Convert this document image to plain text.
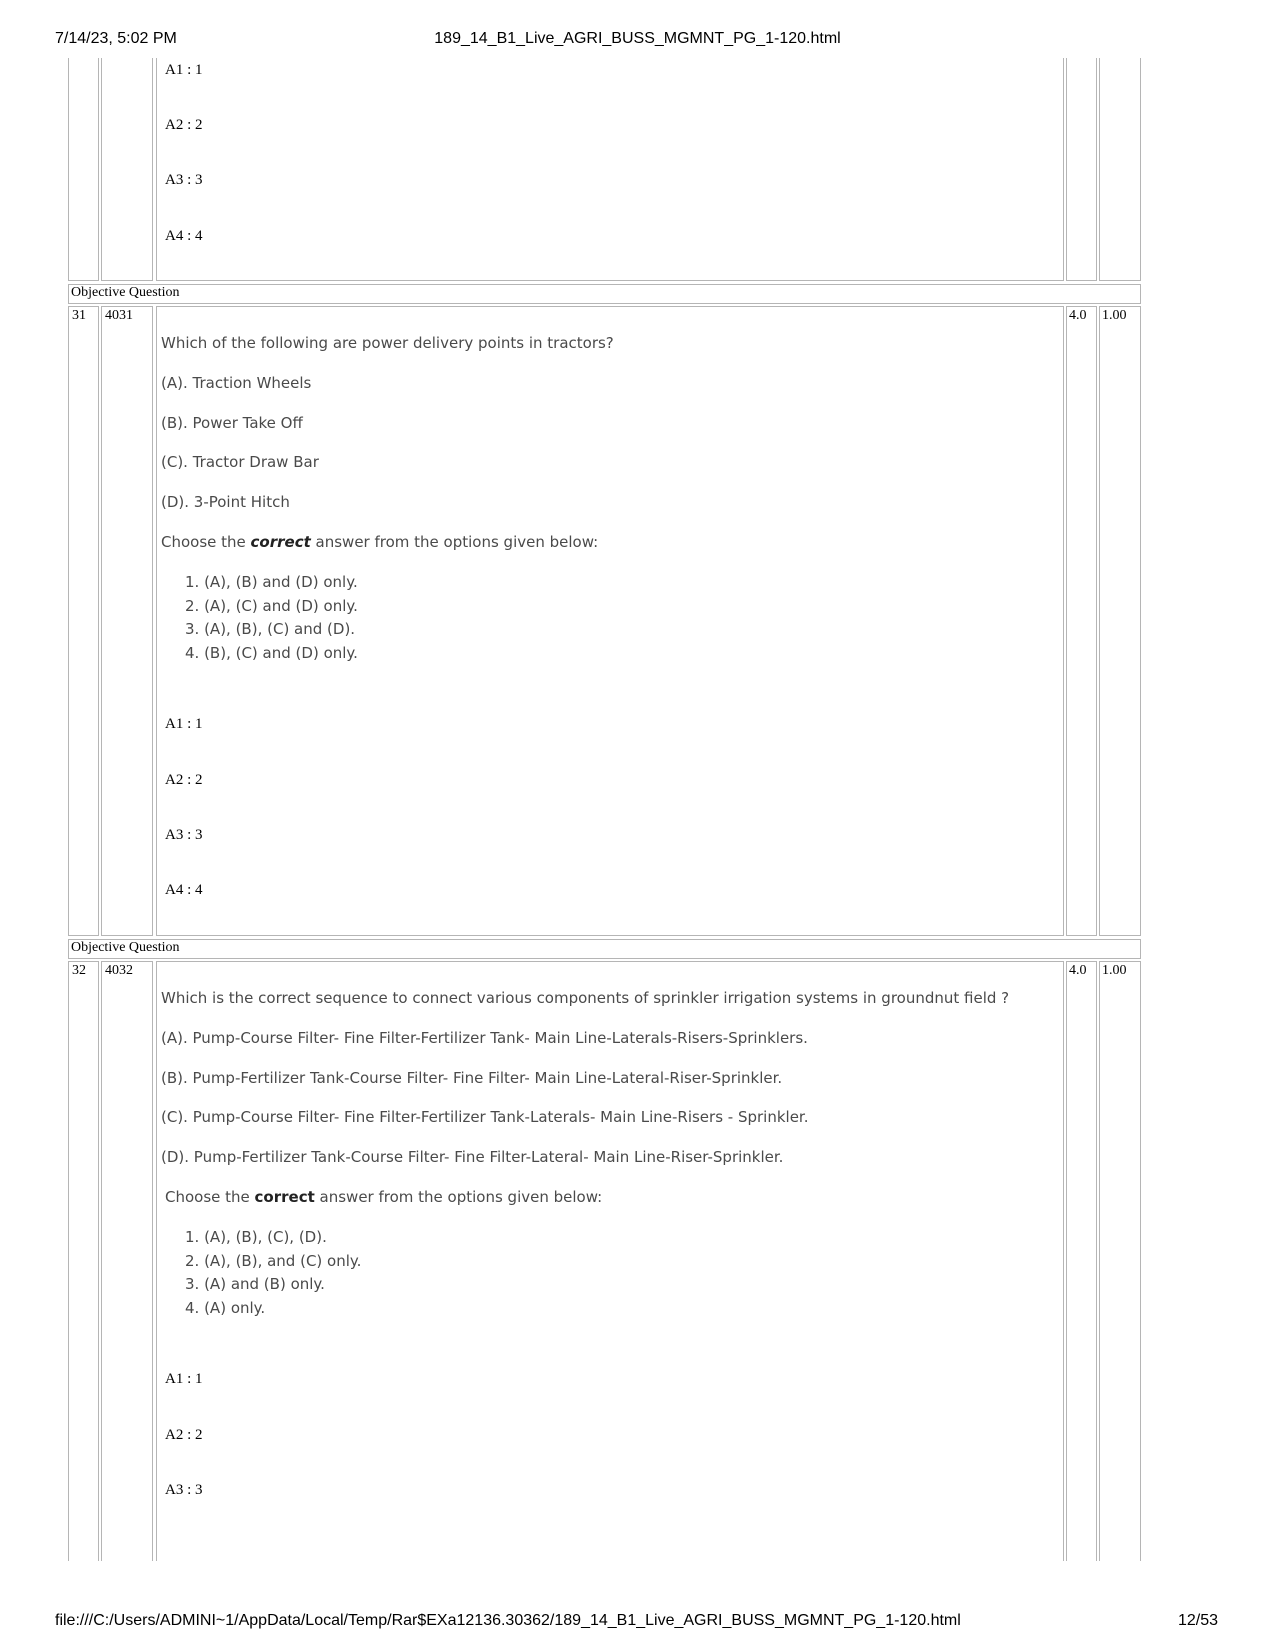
7/14/23, 5:02 PM	189_14_B1_Live_AGRI_BUSS_MGMNT_PG_1-120.html
A1 : 1
A2 : 2
A3 : 3
A4 : 4
Objective Question
31 4031
Which of the following are power delivery points in tractors?
(A). Traction Wheels
(B). Power Take Off
(C). Tractor Draw Bar
(D). 3-Point Hitch
Choose the correct answer from the options given below:
1. (A), (B) and (D) only.
2. (A), (C) and (D) only.
3. (A), (B), (C) and (D).
4. (B), (C) and (D) only.
A1 : 1
A2 : 2
A3 : 3
A4 : 4
4.0 1.00
Objective Question
32 4032
Which is the correct sequence to connect various components of sprinkler irrigation systems in groundnut field ?
(A). Pump-Course Filter- Fine Filter-Fertilizer Tank- Main Line-Laterals-Risers-Sprinklers.
(B). Pump-Fertilizer Tank-Course Filter- Fine Filter- Main Line-Lateral-Riser-Sprinkler.
(C). Pump-Course Filter- Fine Filter-Fertilizer Tank-Laterals- Main Line-Risers - Sprinkler.
(D). Pump-Fertilizer Tank-Course Filter- Fine Filter-Lateral- Main Line-Riser-Sprinkler.
Choose the correct answer from the options given below:
1. (A), (B), (C), (D).
2. (A), (B), and (C) only.
3. (A) and (B) only.
4. (A) only.
A1 : 1
A2 : 2
A3 : 3
4.0 1.00
file:///C:/Users/ADMINI~1/AppData/Local/Temp/Rar$EXa12136.30362/189_14_B1_Live_AGRI_BUSS_MGMNT_PG_1-120.html	12/53
